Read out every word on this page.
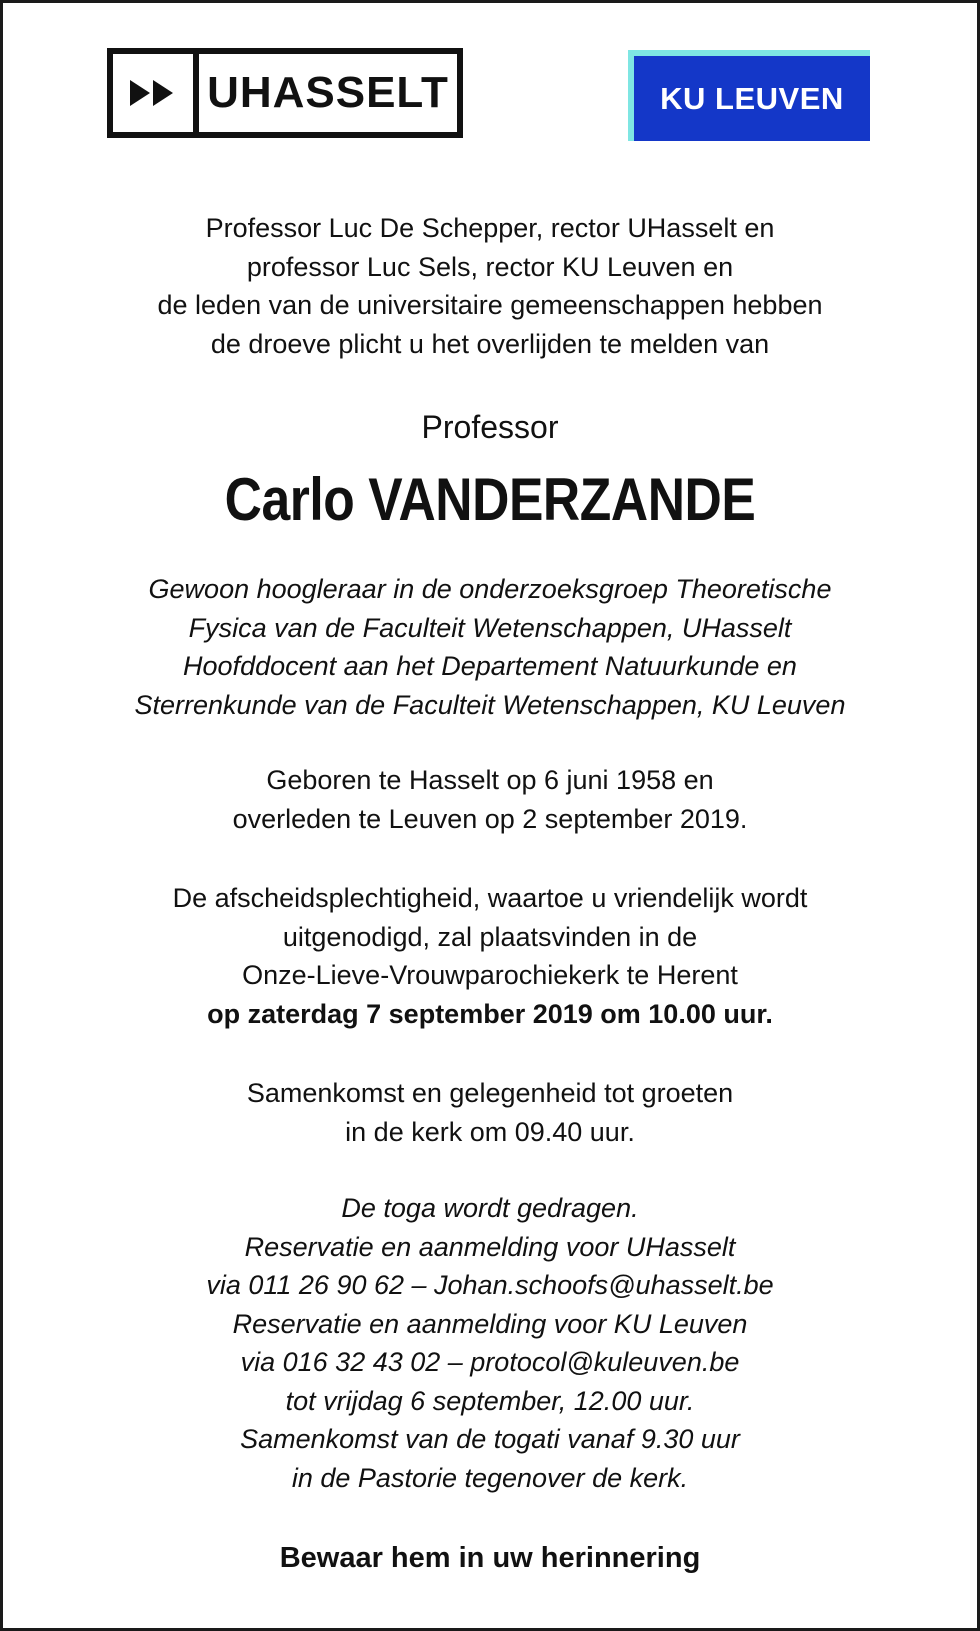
UHASSELT	KU LEUVEN
Professor Luc De Schepper, rector UHasselt en
professor Luc Sels, rector KU Leuven en
de leden van de universitaire gemeenschappen hebben
de droeve plicht u het overlijden te melden van
Professor
Carlo VANDERZANDE
Gewoon hoogleraar in de onderzoeksgroep Theoretische
Fysica van de Faculteit Wetenschappen, UHasselt
Hoofddocent aan het Departement Natuurkunde en
Sterrenkunde van de Faculteit Wetenschappen, KU Leuven
Geboren te Hasselt op 6 juni 1958 en
overleden te Leuven op 2 september 2019.
De afscheidsplechtigheid, waartoe u vriendelijk wordt
uitgenodigd, zal plaatsvinden in de
Onze-Lieve-Vrouwparochiekerk te Herent
op zaterdag 7 september 2019 om 10.00 uur.
Samenkomst en gelegenheid tot groeten
in de kerk om 09.40 uur.
De toga wordt gedragen.
Reservatie en aanmelding voor UHasselt
via 011 26 90 62 – Johan.schoofs@uhasselt.be
Reservatie en aanmelding voor KU Leuven
via 016 32 43 02 – protocol@kuleuven.be
tot vrijdag 6 september, 12.00 uur.
Samenkomst van de togati vanaf 9.30 uur
in de Pastorie tegenover de kerk.
Bewaar hem in uw herinnering
